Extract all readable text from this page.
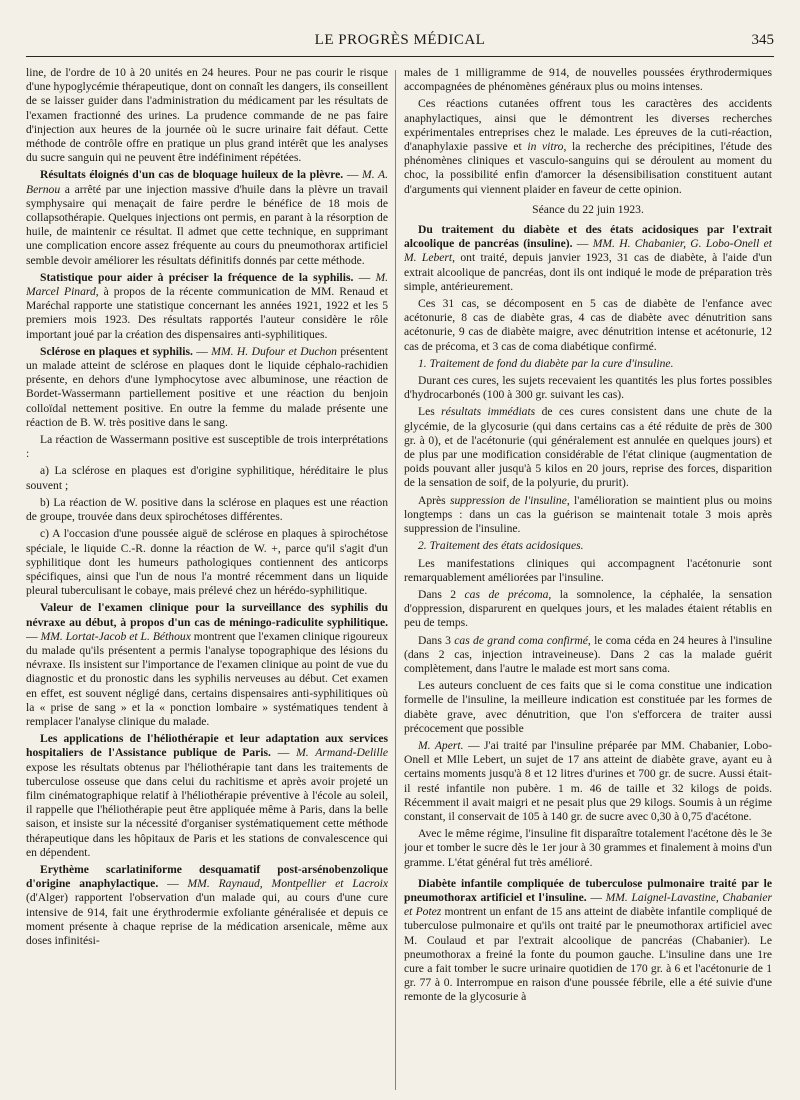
LE PROGRÈS MÉDICAL	345

line, de l'ordre de 10 à 20 unités en 24 heures. Pour ne pas courir le risque d'une hypoglycémie thérapeutique, dont on connaît les dangers, ils conseillent de se laisser guider dans l'administration du médicament par les résultats de l'examen fractionné des urines. La prudence commande de ne pas faire d'injection aux heures de la journée où le sucre urinaire fait défaut. Cette méthode de contrôle offre en pratique un plus grand intérêt que les analyses du sucre sanguin qui ne peuvent être indéfiniment répétées.

Résultats éloignés d'un cas de bloquage huileux de la plèvre. — M. A. Bernou a arrêté par une injection massive d'huile dans la plèvre un travail symphysaire qui menaçait de faire perdre le bénéfice de 18 mois de collapsothérapie. Quelques injections ont permis, en parant à la résorption de huile, de maintenir ce résultat. Il admet que cette technique, en supprimant une complication encore assez fréquente au cours du pneumothorax artificiel semble devoir améliorer les résultats définitifs donnés par cette méthode.

Statistique pour aider à préciser la fréquence de la syphilis. — M. Marcel Pinard, à propos de la récente communication de MM. Renaud et Maréchal rapporte une statistique concernant les années 1921, 1922 et les 5 premiers mois 1923. Des résultats rapportés l'auteur considère le rôle important joué par la création des dispensaires anti-syphilitiques.

Sclérose en plaques et syphilis. — MM. H. Dufour et Duchon présentent un malade atteint de sclérose en plaques dont le liquide céphalo-rachidien présente, en dehors d'une lymphocytose avec albuminose, une réaction de Bordet-Wassermann partiellement positive et une réaction du benjoin colloïdal nettement positive. En outre la femme du malade présente une réaction de B. W. très positive dans le sang.

La réaction de Wassermann positive est susceptible de trois interprétations :

a) La sclérose en plaques est d'origine syphilitique, héréditaire le plus souvent ;

b) La réaction de W. positive dans la sclérose en plaques est une réaction de groupe, trouvée dans deux spirochétoses différentes.

c) A l'occasion d'une poussée aiguë de sclérose en plaques à spirochétose spéciale, le liquide C.-R. donne la réaction de W. +, parce qu'il s'agit d'un syphilitique dont les humeurs pathologiques contiennent des anticorps spécifiques, ainsi que l'un de nous l'a montré récemment dans un liquide pleural tuberculisant le cobaye, mais prélevé chez un hérédo-syphilitique.

Valeur de l'examen clinique pour la surveillance des syphilis du névraxe au début, à propos d'un cas de méningo-radiculite syphilitique. — MM. Lortat-Jacob et L. Béthoux montrent que l'examen clinique rigoureux du malade qu'ils présentent a permis l'analyse topographique des lésions du névraxe. Ils insistent sur l'importance de l'examen clinique au point de vue du diagnostic et du pronostic dans les syphilis nerveuses au début. Cet examen en effet, est souvent négligé dans, certains dispensaires anti-syphilitiques où la « prise de sang » et la « ponction lombaire » systématiques tendent à remplacer l'analyse clinique du malade.

Les applications de l'héliothérapie et leur adaptation aux services hospitaliers de l'Assistance publique de Paris. — M. Armand-Delille expose les résultats obtenus par l'héliothérapie tant dans les traitements de tuberculose osseuse que dans celui du rachitisme et après avoir projeté un film cinématographique relatif à l'héliothérapie préventive à l'école au soleil, il rappelle que l'héliothérapie peut être appliquée même à Paris, dans la belle saison, et insiste sur la nécessité d'organiser systématiquement cette méthode thérapeutique dans les hôpitaux de Paris et les stations de convalescence qui en dépendent.

Erythème scarlatiniforme desquamatif post-arsénobenzolique d'origine anaphylactique. — MM. Raynaud, Montpellier et Lacroix (d'Alger) rapportent l'observation d'un malade qui, au cours d'une cure intensive de 914, fait une érythrodermie exfoliante généralisée et depuis ce moment présente à chaque reprise de la médication arsenicale, même aux doses infinitési-

males de 1 milligramme de 914, de nouvelles poussées érythrodermiques accompagnées de phénomènes généraux plus ou moins intenses.

Ces réactions cutanées offrent tous les caractères des accidents anaphylactiques, ainsi que le démontrent les diverses recherches expérimentales entreprises chez le malade. Les épreuves de la cuti-réaction, d'anaphylaxie passive et in vitro, la recherche des précipitines, l'étude des phénomènes cliniques et vasculo-sanguins qui se déroulent au moment du choc, la possibilité enfin d'amorcer la désensibilisation constituent autant d'arguments qui viennent plaider en faveur de cette opinion.

Séance du 22 juin 1923.

Du traitement du diabète et des états acidosiques par l'extrait alcoolique de pancréas (insuline). — MM. H. Chabanier, G. Lobo-Onell et M. Lebert, ont traité, depuis janvier 1923, 31 cas de diabète, à l'aide d'un extrait alcoolique de pancréas, dont ils ont indiqué le mode de préparation très simple, antérieurement.

Ces 31 cas, se décomposent en 5 cas de diabète de l'enfance avec acétonurie, 8 cas de diabète gras, 4 cas de diabète avec dénutrition sans acétonurie, 9 cas de diabète maigre, avec dénutrition intense et acétonurie, 12 cas de précoma, et 3 cas de coma diabétique confirmé.

1. Traitement de fond du diabète par la cure d'insuline.

Durant ces cures, les sujets recevaient les quantités les plus fortes possibles d'hydrocarbonés (100 à 300 gr. suivant les cas).

Les résultats immédiats de ces cures consistent dans une chute de la glycémie, de la glycosurie (qui dans certains cas a été réduite de près de 300 gr. à 0), et de l'acétonurie (qui généralement est annulée en quelques jours) et de plus par une modification considérable de l'état clinique (augmentation de poids pouvant aller jusqu'à 5 kilos en 20 jours, reprise des forces, disparition de la sensation de soif, de la polyurie, du prurit).

Après suppression de l'insuline, l'amélioration se maintient plus ou moins longtemps : dans un cas la guérison se maintenait totale 3 mois après suppression de l'insuline.

2. Traitement des états acidosiques.

Les manifestations cliniques qui accompagnent l'acétonurie sont remarquablement améliorées par l'insuline.

Dans 2 cas de précoma, la somnolence, la céphalée, la sensation d'oppression, disparurent en quelques jours, et les malades étaient rétablis en peu de temps.

Dans 3 cas de grand coma confirmé, le coma céda en 24 heures à l'insuline (dans 2 cas, injection intraveineuse). Dans 2 cas la malade guérit complètement, dans l'autre le malade est mort sans coma.

Les auteurs concluent de ces faits que si le coma constitue une indication formelle de l'insuline, la meilleure indication est constituée par les formes de diabète grave, avec dénutrition, que l'on s'efforcera de traiter aussi précocement que possible

M. Apert. — J'ai traité par l'insuline préparée par MM. Chabanier, Lobo-Onell et Mlle Lebert, un sujet de 17 ans atteint de diabète grave, ayant eu à certains moments jusqu'à 8 et 12 litres d'urines et 700 gr. de sucre. Aussi était-il resté infantile non pubère. 1 m. 46 de taille et 32 kilogs de poids. Récemment il avait maigri et ne pesait plus que 29 kilogs. Soumis à un régime constant, il conservait de 105 à 140 gr. de sucre avec 0,30 à 0,75 d'acétone.

Avec le même régime, l'insuline fit disparaître totalement l'acétone dès le 3e jour et tomber le sucre dès le 1er jour à 30 grammes et finalement à moins d'un gramme. L'état général fut très amélioré.

Diabète infantile compliquée de tuberculose pulmonaire traité par le pneumothorax artificiel et l'insuline. — MM. Laignel-Lavastine, Chabanier et Potez montrent un enfant de 15 ans atteint de diabète infantile compliqué de tuberculose pulmonaire et qu'ils ont traité par le pneumothorax artificiel avec M. Coulaud et par l'extrait alcoolique de pancréas (Chabanier). Le pneumothorax a freiné la fonte du poumon gauche. L'insuline dans une 1re cure a fait tomber le sucre urinaire quotidien de 170 gr. à 6 et l'acétonurie de 1 gr. 77 à 0. Interrompue en raison d'une poussée fébrile, elle a été suivie d'une remonte de la glycosurie à
